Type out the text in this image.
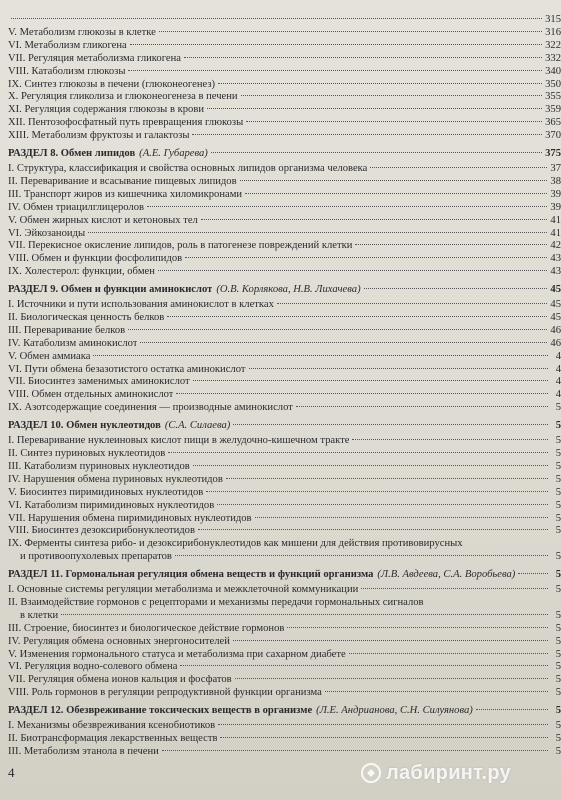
315
V. Метаболизм глюкозы в клетке	316
VI. Метаболизм гликогена	322
VII. Регуляция метаболизма гликогена	332
VIII. Катаболизм глюкозы	340
IX. Синтез глюкозы в печени (глюконеогенез)	350
X. Регуляция гликолиза и глюконеогенеза в печени	355
XI. Регуляция содержания глюкозы в крови	359
XII. Пентозофосфатный путь превращения глюкозы	365
XIII. Метаболизм фруктозы и галактозы	370
РАЗДЕЛ 8. Обмен липидов (А.Е. Губарева)	375
I. Структура, классификация и свойства основных липидов организма человека	37
II. Переваривание и всасывание пищевых липидов	38
III. Транспорт жиров из кишечника хиломикронами	39
IV. Обмен триацилглицеролов	39
V. Обмен жирных кислот и кетоновых тел	41
VI. Эйкозаноиды	41
VII. Перекисное окисление липидов, роль в патогенезе повреждений клетки	42
VIII. Обмен и функции фосфолипидов	43
IX. Холестерол: функции, обмен	43
РАЗДЕЛ 9. Обмен и функции аминокислот (О.В. Корлякова, Н.В. Лихачева)	45
I. Источники и пути использования аминокислот в клетках	45
II. Биологическая ценность белков	45
III. Переваривание белков	46
IV. Катаболизм аминокислот	46
V. Обмен аммиака	4
VI. Пути обмена безазотистого остатка аминокислот	4
VII. Биосинтез заменимых аминокислот	4
VIII. Обмен отдельных аминокислот	4
IX. Азотсодержащие соединения — производные аминокислот	5
РАЗДЕЛ 10. Обмен нуклеотидов (С.А. Силаева)	5
I. Переваривание нуклеиновых кислот пищи в желудочно-кишечном тракте	5
II. Синтез пуриновых нуклеотидов	5
III. Катаболизм пуриновых нуклеотидов	5
IV. Нарушения обмена пуриновых нуклеотидов	5
V. Биосинтез пиримидиновых нуклеотидов	5
VI. Катаболизм пиримидиновых нуклеотидов	5
VII. Нарушения обмена пиримидиновых нуклеотидов	5
VIII. Биосинтез дезоксирибонуклеотидов	5
IX. Ферменты синтеза рибо- и дезоксирибонуклеотидов как мишени для действия противовирусных
и противоопухолевых препаратов	5
РАЗДЕЛ 11. Гормональная регуляция обмена веществ и функций организма (Л.В. Авдеева, С.А. Воробьева)	5
I. Основные системы регуляции метаболизма и межклеточной коммуникации	5
II. Взаимодействие гормонов с рецепторами и механизмы передачи гормональных сигналов
в клетки	5
III. Строение, биосинтез и биологическое действие гормонов	5
IV. Регуляция обмена основных энергоносителей	5
V. Изменения гормонального статуса и метаболизма при сахарном диабете	5
VI. Регуляция водно-солевого обмена	5
VII. Регуляция обмена ионов кальция и фосфатов	5
VIII. Роль гормонов в регуляции репродуктивной функции организма	5
РАЗДЕЛ 12. Обезвреживание токсических веществ в организме (Л.Е. Андрианова, С.Н. Силуянова)	5
I. Механизмы обезвреживания ксенобиотиков	5
II. Биотрансформация лекарственных веществ	5
III. Метаболизм этанола в печени	5
4	лабиринт.ру
